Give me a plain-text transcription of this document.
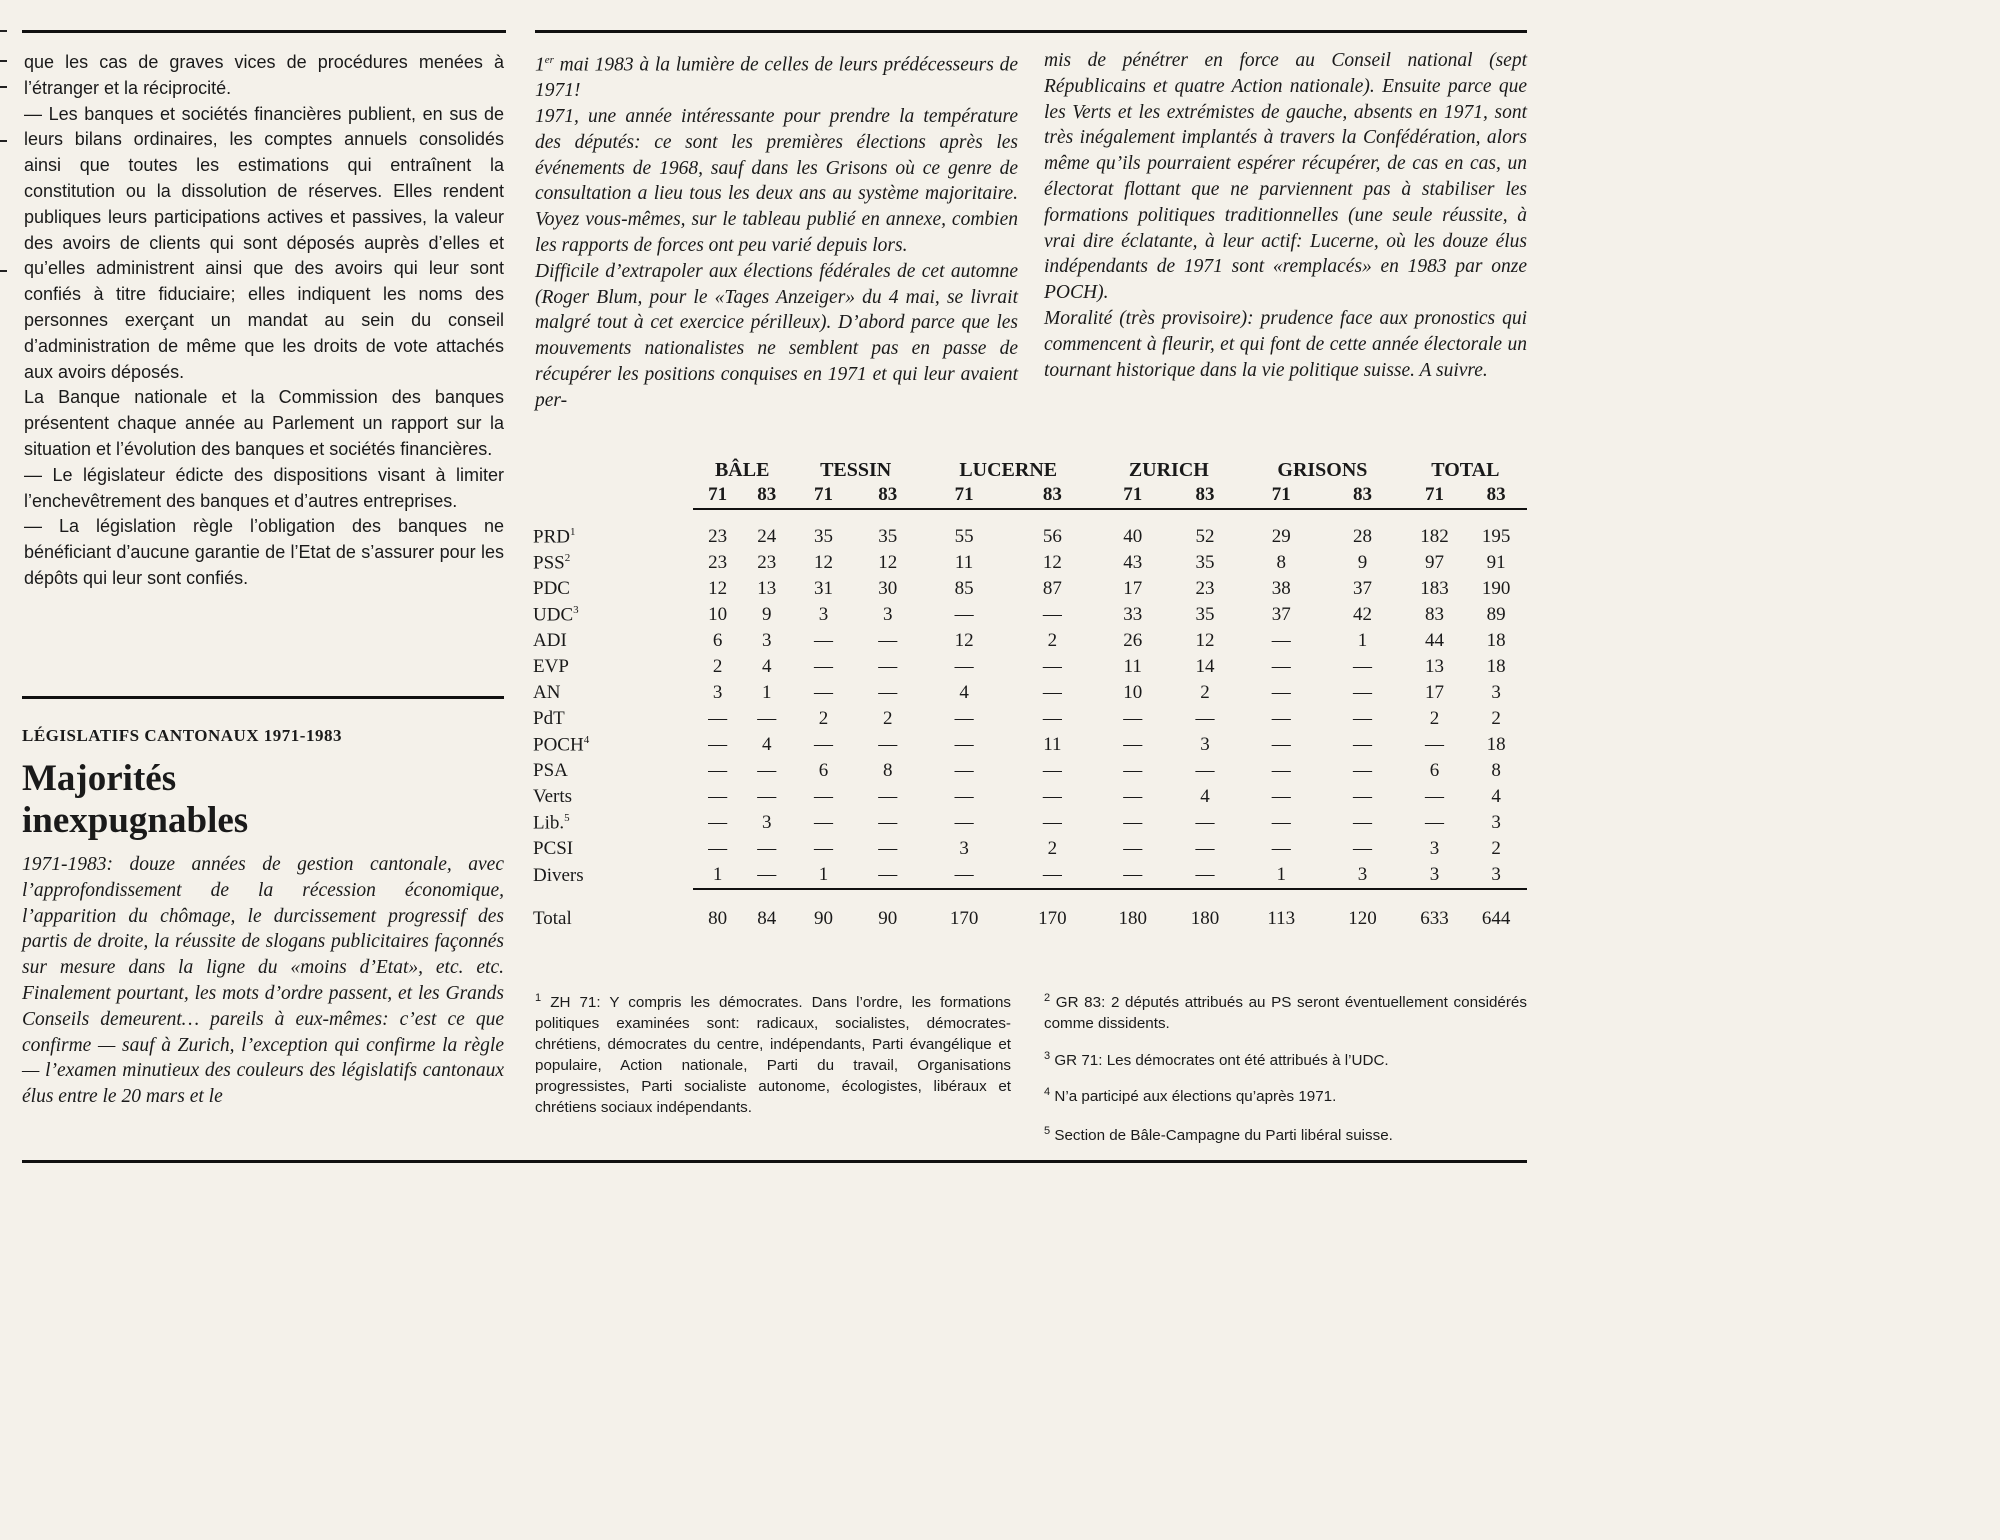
que les cas de graves vices de procédures menées à l’étranger et la réciprocité.

— Les banques et sociétés financières publient, en sus de leurs bilans ordinaires, les comptes annuels consolidés ainsi que toutes les estimations qui entraînent la constitution ou la dissolution de réserves. Elles rendent publiques leurs participations actives et passives, la valeur des avoirs de clients qui sont déposés auprès d’elles et qu’elles administrent ainsi que des avoirs qui leur sont confiés à titre fiduciaire; elles indiquent les noms des personnes exerçant un mandat au sein du conseil d’administration de même que les droits de vote attachés aux avoirs déposés.

La Banque nationale et la Commission des banques présentent chaque année au Parlement un rapport sur la situation et l’évolution des banques et sociétés financières.

— Le législateur édicte des dispositions visant à limiter l’enchevêtrement des banques et d’autres entreprises.

— La législation règle l’obligation des banques ne bénéficiant d’aucune garantie de l’Etat de s’assurer pour les dépôts qui leur sont confiés.

LÉGISLATIFS CANTONAUX 1971-1983

Majorités inexpugnables

1971-1983: douze années de gestion cantonale, avec l’approfondissement de la récession économique, l’apparition du chômage, le durcissement progressif des partis de droite, la réussite de slogans publicitaires façonnés sur mesure dans la ligne du «moins d’Etat», etc. etc. Finalement pourtant, les mots d’ordre passent, et les Grands Conseils demeurent… pareils à eux-mêmes: c’est ce que confirme — sauf à Zurich, l’exception qui confirme la règle — l’examen minutieux des couleurs des législatifs cantonaux élus entre le 20 mars et le

1er mai 1983 à la lumière de celles de leurs prédécesseurs de 1971!

1971, une année intéressante pour prendre la température des députés: ce sont les premières élections après les événements de 1968, sauf dans les Grisons où ce genre de consultation a lieu tous les deux ans au système majoritaire. Voyez vous-mêmes, sur le tableau publié en annexe, combien les rapports de forces ont peu varié depuis lors.

Difficile d’extrapoler aux élections fédérales de cet automne (Roger Blum, pour le «Tages Anzeiger» du 4 mai, se livrait malgré tout à cet exercice périlleux). D’abord parce que les mouvements nationalistes ne semblent pas en passe de récupérer les positions conquises en 1971 et qui leur avaient per-

mis de pénétrer en force au Conseil national (sept Républicains et quatre Action nationale). Ensuite parce que les Verts et les extrémistes de gauche, absents en 1971, sont très inégalement implantés à travers la Confédération, alors même qu’ils pourraient espérer récupérer, de cas en cas, un électorat flottant que ne parviennent pas à stabiliser les formations politiques traditionnelles (une seule réussite, à vrai dire éclatante, à leur actif: Lucerne, où les douze élus indépendants de 1971 sont «remplacés» en 1983 par onze POCH).

Moralité (très provisoire): prudence face aux pronostics qui commencent à fleurir, et qui font de cette année électorale un tournant historique dans la vie politique suisse. A suivre.

	BÂLE		TESSIN		LUCERNE		ZURICH		GRISONS		TOTAL	
	71	83	71	83	71	83	71	83	71	83	71	83

PRD$^1$	23	24	35	35	55	56	40	52	29	28	182	195
PSS$^2$	23	23	12	12	11	12	43	35	8	9	97	91
PDC	12	13	31	30	85	87	17	23	38	37	183	190
UDC$^3$	10	9	3	3	—	—	33	35	37	42	83	89
ADI	6	3	—	—	12	2	26	12	—	1	44	18
EVP	2	4	—	—	—	—	11	14	—	—	13	18
AN	3	1	—	—	4	—	10	2	—	—	17	3
PdT	—	—	2	2	—	—	—	—	—	—	2	2
POCH$^4$	—	4	—	—	—	11	—	3	—	—	—	18
PSA	—	—	6	8	—	—	—	—	—	—	6	8
Verts	—	—	—	—	—	—	—	4	—	—	—	4
Lib.$^5$	—	3	—	—	—	—	—	—	—	—	—	3
PCSI	—	—	—	—	3	2	—	—	—	—	3	2
Divers	1	—	1	—	—	—	—	—	1	3	3	3
Total	80	84	90	90	170	170	180	180	113	120	633	644

$^1$ ZH 71: Y compris les démocrates. Dans l’ordre, les formations politiques examinées sont: radicaux, socialistes, démocrates-chrétiens, démocrates du centre, indépendants, Parti évangélique et populaire, Action nationale, Parti du travail, Organisations progressistes, Parti socialiste autonome, écologistes, libéraux et chrétiens sociaux indépendants.

$^2$ GR 83: 2 députés attribués au PS seront éventuellement considérés comme dissidents.

$^3$ GR 71: Les démocrates ont été attribués à l’UDC.

$^4$ N’a participé aux élections qu’après 1971.

$^5$ Section de Bâle-Campagne du Parti libéral suisse.
